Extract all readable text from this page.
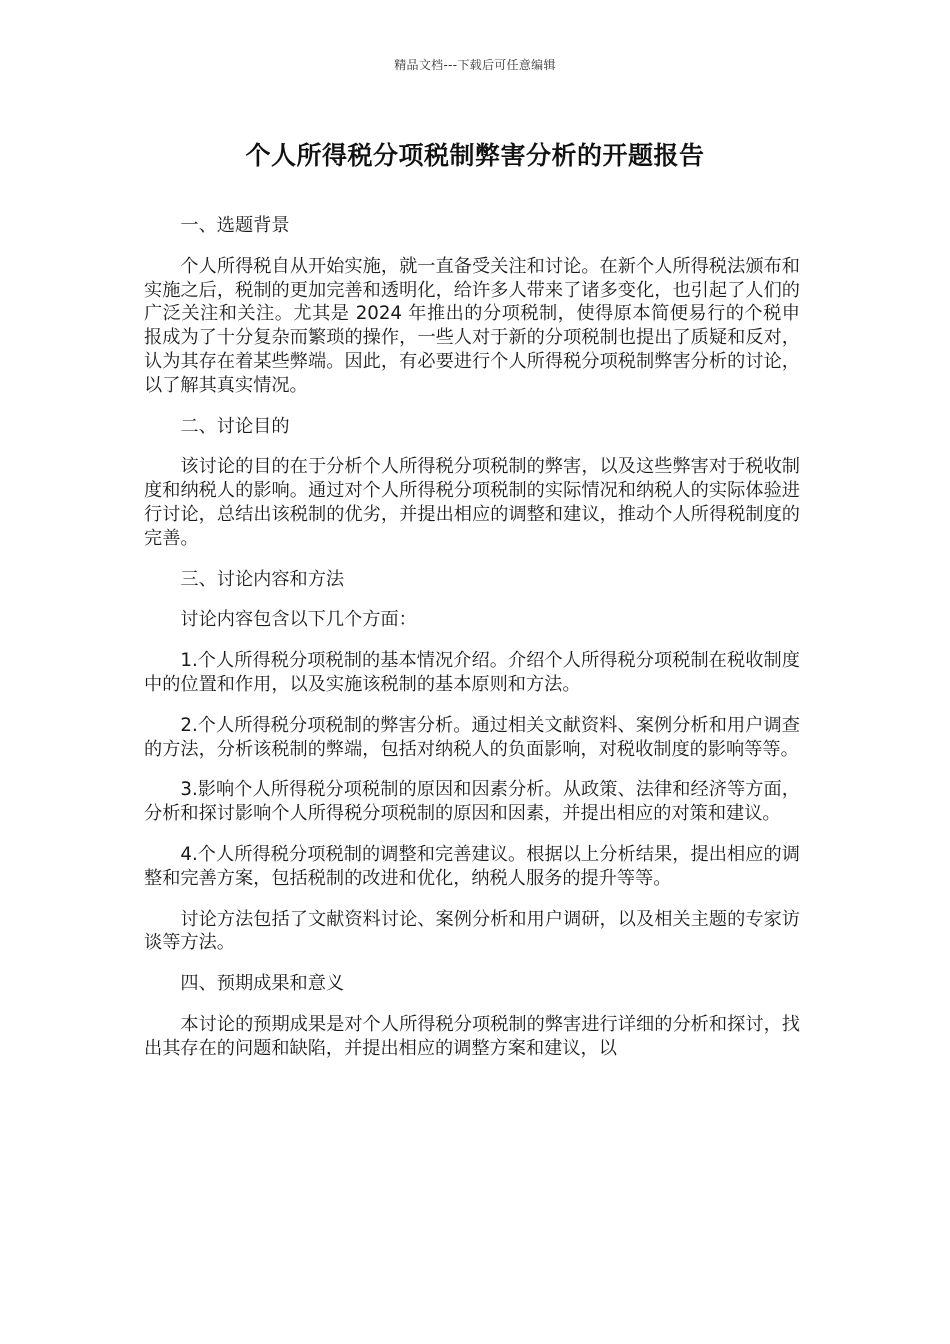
精品文档---下载后可任意编辑
个人所得税分项税制弊害分析的开题报告

一、选题背景

个人所得税自从开始实施，就一直备受关注和讨论。在新个人所得税法颁布和实施之后，税制的更加完善和透明化，给许多人带来了诸多变化，也引起了人们的广泛关注和关注。尤其是 2024 年推出的分项税制，使得原本简便易行的个税申报成为了十分复杂而繁琐的操作，一些人对于新的分项税制也提出了质疑和反对，认为其存在着某些弊端。因此，有必要进行个人所得税分项税制弊害分析的讨论，以了解其真实情况。

二、讨论目的

该讨论的目的在于分析个人所得税分项税制的弊害，以及这些弊害对于税收制度和纳税人的影响。通过对个人所得税分项税制的实际情况和纳税人的实际体验进行讨论，总结出该税制的优劣，并提出相应的调整和建议，推动个人所得税制度的完善。

三、讨论内容和方法

讨论内容包含以下几个方面：

1.个人所得税分项税制的基本情况介绍。介绍个人所得税分项税制在税收制度中的位置和作用，以及实施该税制的基本原则和方法。

2.个人所得税分项税制的弊害分析。通过相关文献资料、案例分析和用户调查的方法，分析该税制的弊端，包括对纳税人的负面影响，对税收制度的影响等等。

3.影响个人所得税分项税制的原因和因素分析。从政策、法律和经济等方面，分析和探讨影响个人所得税分项税制的原因和因素，并提出相应的对策和建议。

4.个人所得税分项税制的调整和完善建议。根据以上分析结果，提出相应的调整和完善方案，包括税制的改进和优化，纳税人服务的提升等等。

讨论方法包括了文献资料讨论、案例分析和用户调研，以及相关主题的专家访谈等方法。

四、预期成果和意义

本讨论的预期成果是对个人所得税分项税制的弊害进行详细的分析和探讨，找出其存在的问题和缺陷，并提出相应的调整方案和建议，以
